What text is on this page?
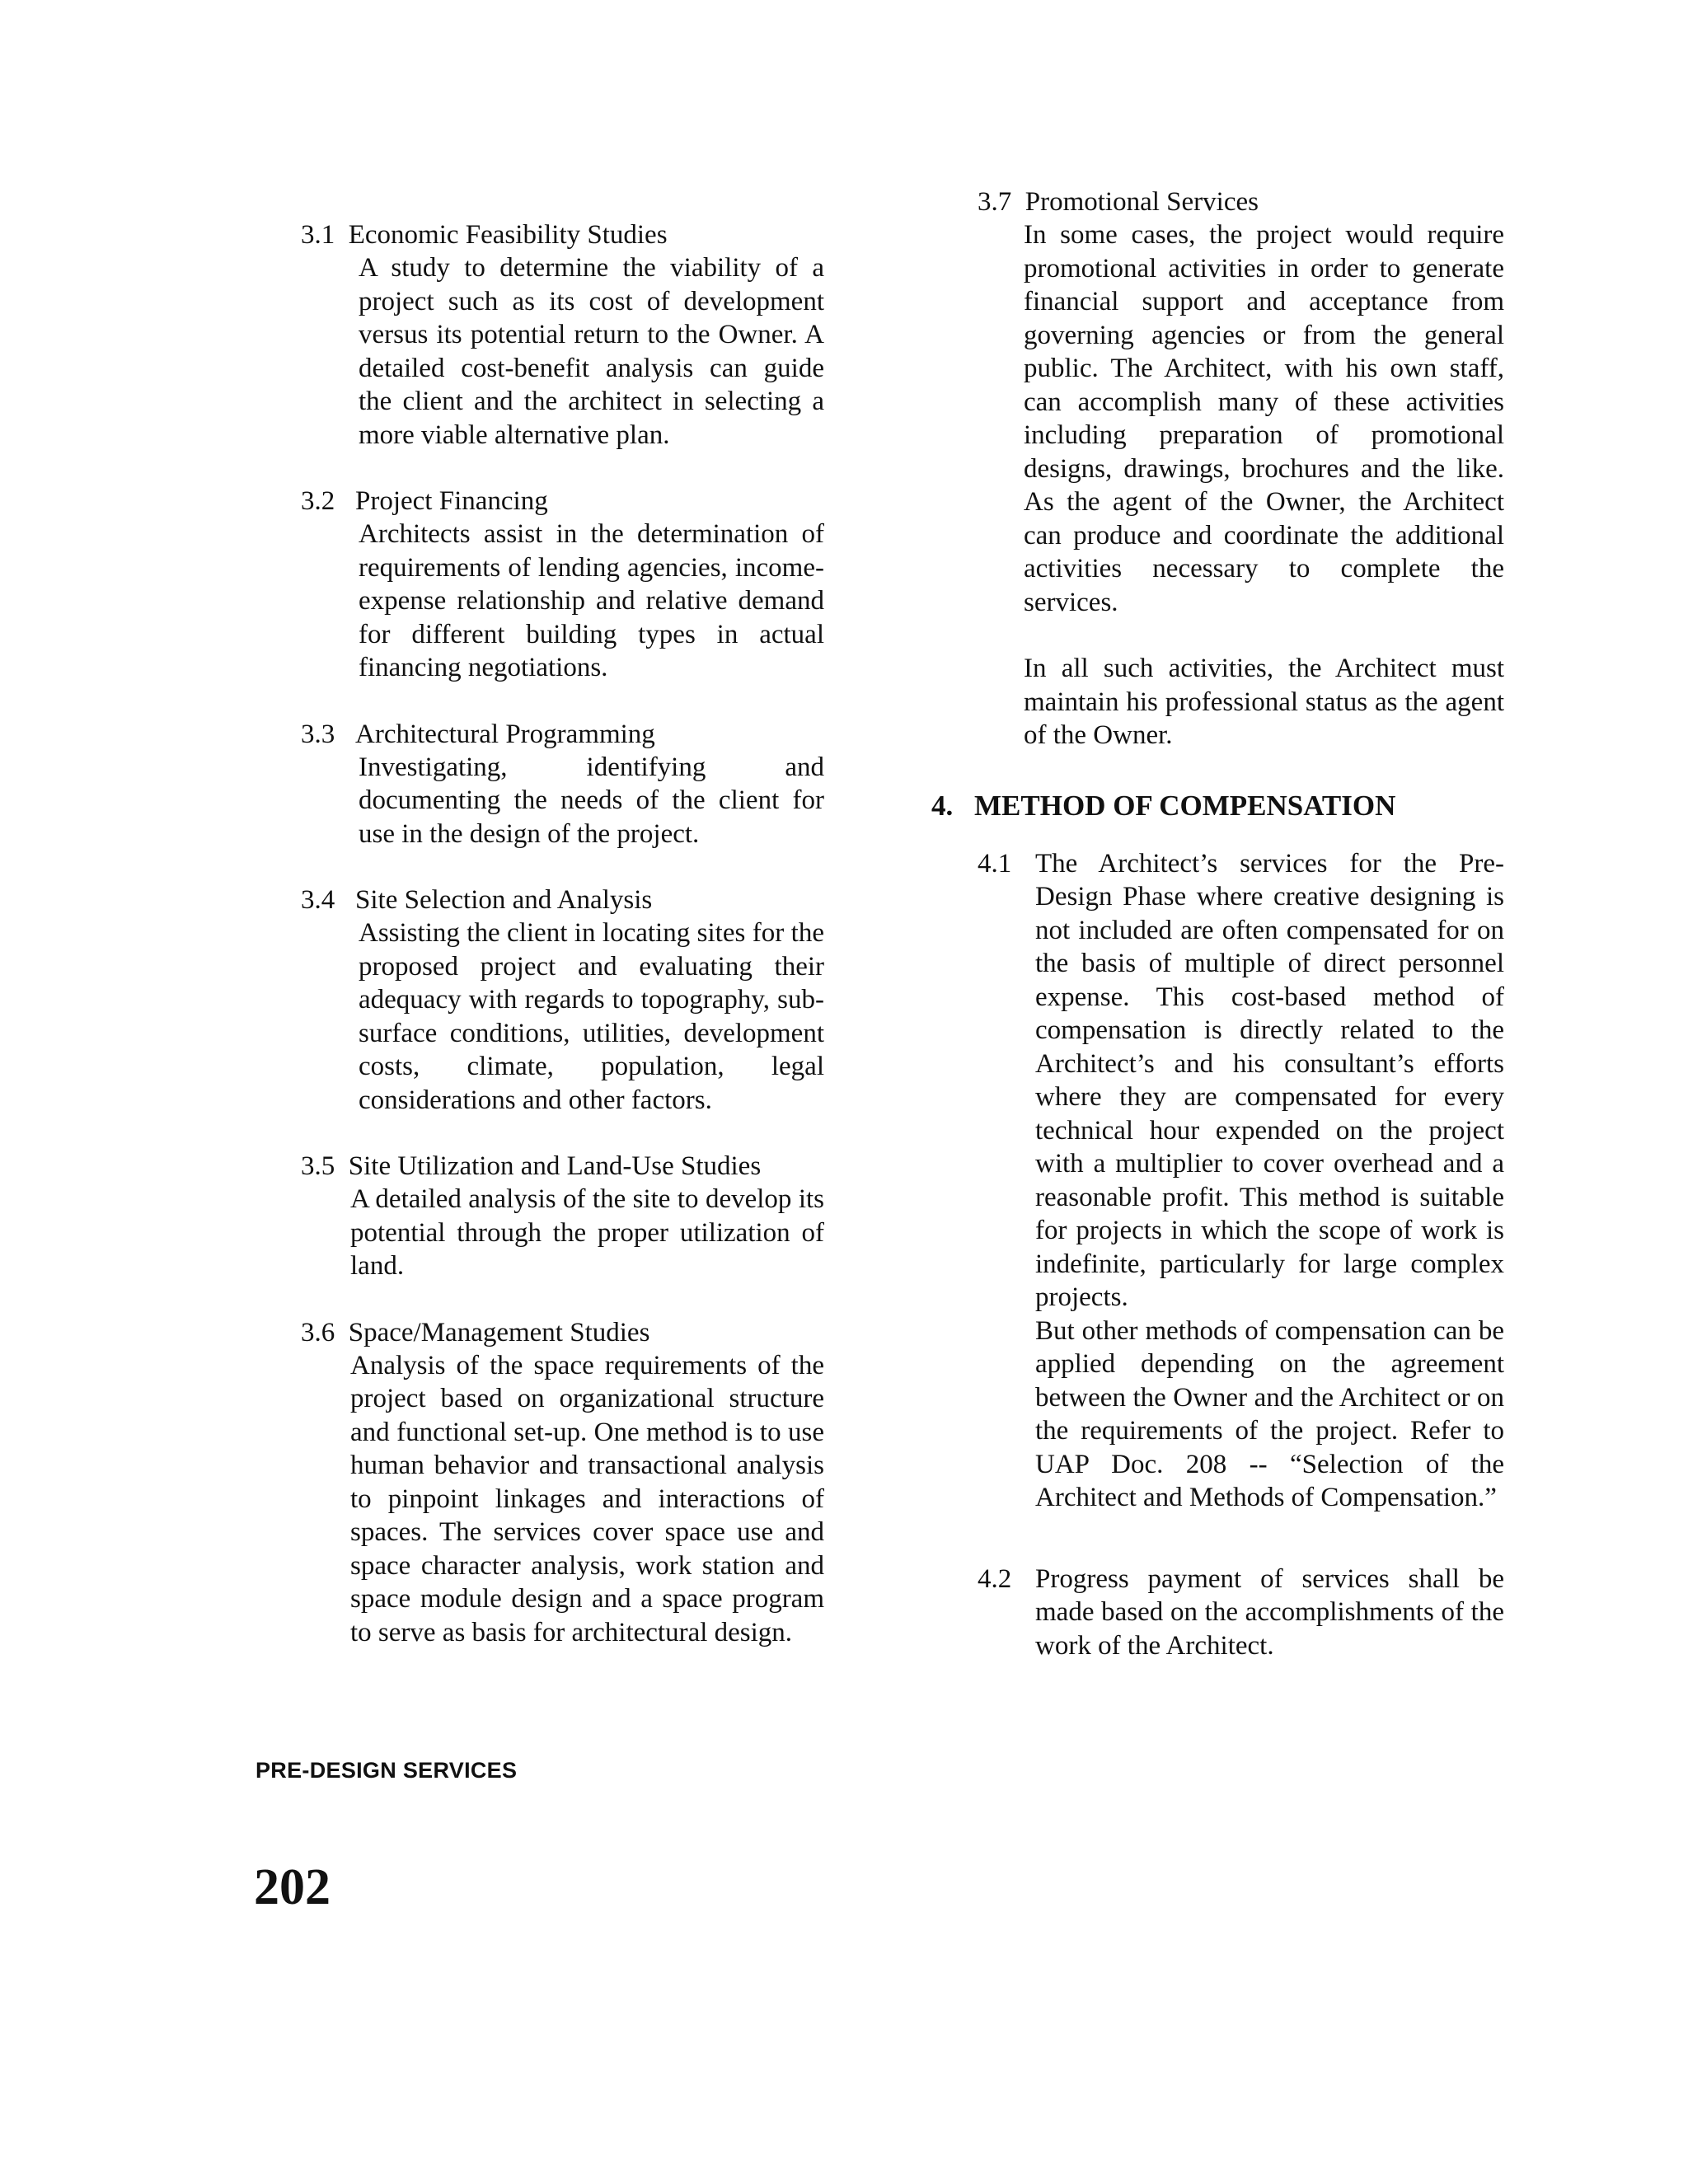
3.1 Economic Feasibility Studies
A study to determine the viability of a project such as its cost of development versus its potential return to the Owner. A detailed cost-benefit analysis can guide the client and the architect in selecting a more viable alternative plan.
3.2 Project Financing
Architects assist in the determination of requirements of lending agencies, income-expense relationship and relative demand for different building types in actual financing negotiations.
3.3 Architectural Programming
Investigating, identifying and documenting the needs of the client for use in the design of the project.
3.4 Site Selection and Analysis
Assisting the client in locating sites for the proposed project and evaluating their adequacy with regards to topography, sub-surface conditions, utilities, development costs, climate, population, legal considerations and other factors.
3.5 Site Utilization and Land-Use Studies
A detailed analysis of the site to develop its potential through the proper utilization of land.
3.6 Space/Management Studies
Analysis of the space requirements of the project based on organizational structure and functional set-up. One method is to use human behavior and transactional analysis to pinpoint linkages and interactions of spaces. The services cover space use and space character analysis, work station and space module design and a space program to serve as basis for architectural design.
3.7 Promotional Services
In some cases, the project would require promotional activities in order to generate financial support and acceptance from governing agencies or from the general public. The Architect, with his own staff, can accomplish many of these activities including preparation of promotional designs, drawings, brochures and the like. As the agent of the Owner, the Architect can produce and coordinate the additional activities necessary to complete the services.
In all such activities, the Architect must maintain his professional status as the agent of the Owner.
4. METHOD OF COMPENSATION
4.1 The Architect’s services for the Pre-Design Phase where creative designing is not included are often compensated for on the basis of multiple of direct personnel expense. This cost-based method of compensation is directly related to the Architect’s and his consultant’s efforts where they are compensated for every technical hour expended on the project with a multiplier to cover overhead and a reasonable profit. This method is suitable for projects in which the scope of work is indefinite, particularly for large complex projects.
But other methods of compensation can be applied depending on the agreement between the Owner and the Architect or on the requirements of the project. Refer to UAP Doc. 208 -- “Selection of the Architect and Methods of Compensation.”
4.2 Progress payment of services shall be made based on the accomplishments of the work of the Architect.
PRE-DESIGN SERVICES
202
